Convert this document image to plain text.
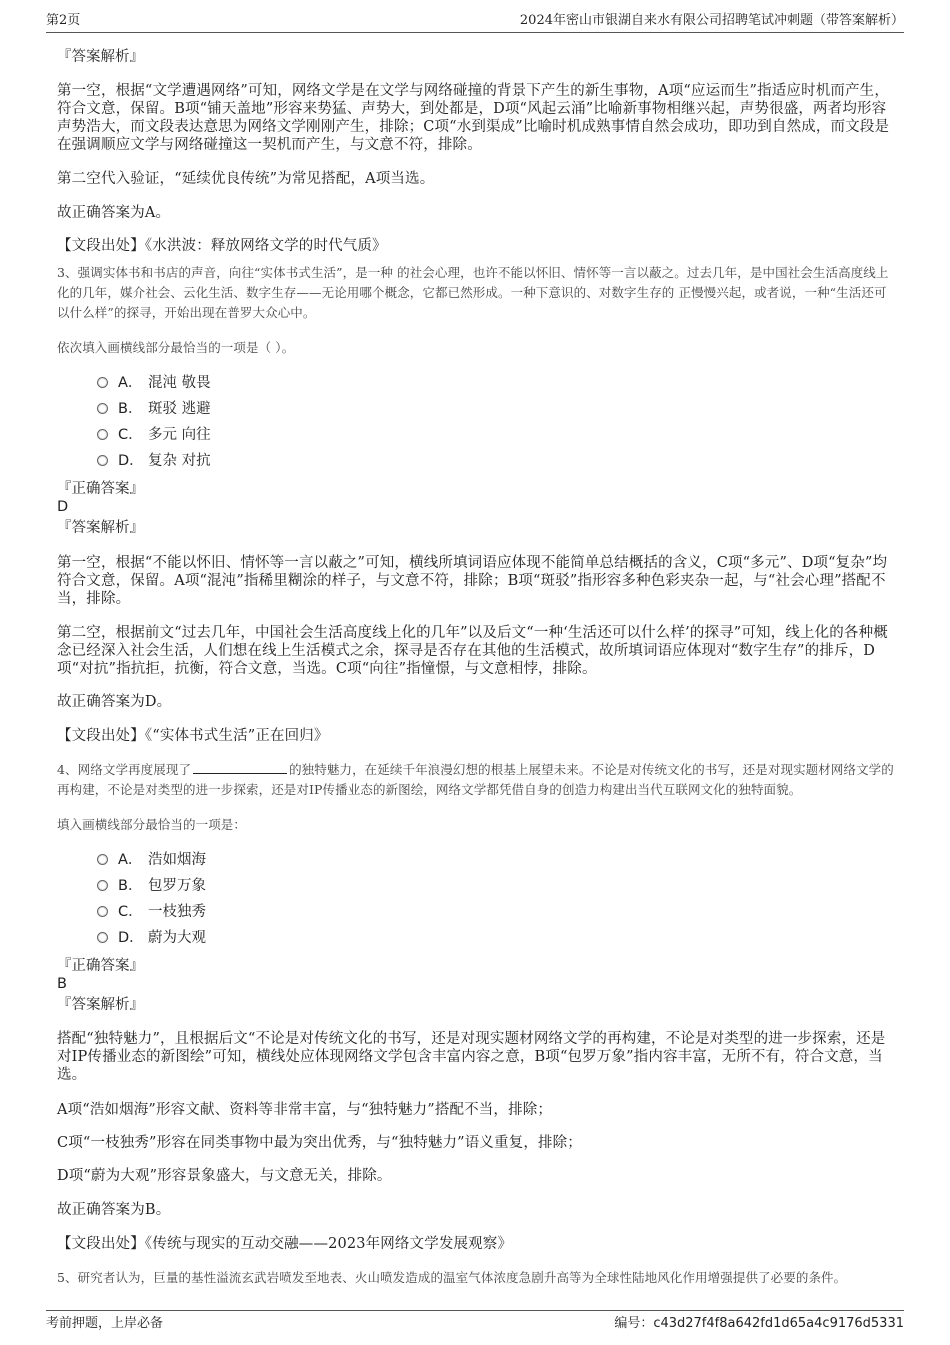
第2页	2024年密山市银湖自来水有限公司招聘笔试冲刺题（带答案解析）
『答案解析』
第一空，根据“文学遭遇网络”可知，网络文学是在文学与网络碰撞的背景下产生的新生事物，A项“应运而生”指适应时机而产生，符合文意，保留。B项“铺天盖地”形容来势猛、声势大，到处都是，D项“风起云涌”比喻新事物相继兴起，声势很盛，两者均形容声势浩大，而文段表达意思为网络文学刚刚产生，排除；C项“水到渠成”比喻时机成熟事情自然会成功，即功到自然成，而文段是在强调顺应文学与网络碰撞这一契机而产生，与文意不符，排除。
第二空代入验证，“延续优良传统”为常见搭配，A项当选。
故正确答案为A。
【文段出处】《水洪波：释放网络文学的时代气质》
3、强调实体书和书店的声音，向往“实体书式生活”，是一种 的社会心理，也许不能以怀旧、情怀等一言以蔽之。过去几年，是中国社会生活高度线上化的几年，媒介社会、云化生活、数字生存——无论用哪个概念，它都已然形成。一种下意识的、对数字生存的 正慢慢兴起，或者说，一种“生活还可以什么样”的探寻，开始出现在普罗大众心中。
依次填入画横线部分最恰当的一项是（ ）。
A． 混沌 敬畏
B． 斑驳 逃避
C． 多元 向往
D． 复杂 对抗
『正确答案』
D
『答案解析』
第一空，根据“不能以怀旧、情怀等一言以蔽之”可知，横线所填词语应体现不能简单总结概括的含义，C项“多元”、D项“复杂”均符合文意，保留。A项“混沌”指稀里糊涂的样子，与文意不符，排除；B项“斑驳”指形容多种色彩夹杂一起，与“社会心理”搭配不当，排除。
第二空，根据前文“过去几年，中国社会生活高度线上化的几年”以及后文“一种‘生活还可以什么样’的探寻”可知，线上化的各种概念已经深入社会生活，人们想在线上生活模式之余，探寻是否存在其他的生活模式，故所填词语应体现对“数字生存”的排斥，D项“对抗”指抗拒，抗衡，符合文意，当选。C项“向往”指憧憬，与文意相悖，排除。
故正确答案为D。
【文段出处】《“实体书式生活”正在回归》
4、网络文学再度展现了	的独特魅力，在延续千年浪漫幻想的根基上展望未来。不论是对传统文化的书写，还是对现实题材网络文学的再构建，不论是对类型的进一步探索，还是对IP传播业态的新图绘，网络文学都凭借自身的创造力构建出当代互联网文化的独特面貌。
填入画横线部分最恰当的一项是：
A． 浩如烟海
B． 包罗万象
C． 一枝独秀
D． 蔚为大观
『正确答案』
B
『答案解析』
搭配“独特魅力”，且根据后文“不论是对传统文化的书写，还是对现实题材网络文学的再构建，不论是对类型的进一步探索，还是对IP传播业态的新图绘”可知，横线处应体现网络文学包含丰富内容之意，B项“包罗万象”指内容丰富，无所不有，符合文意，当选。
A项“浩如烟海”形容文献、资料等非常丰富，与“独特魅力”搭配不当，排除；
C项“一枝独秀”形容在同类事物中最为突出优秀，与“独特魅力”语义重复，排除；
D项“蔚为大观”形容景象盛大，与文意无关，排除。
故正确答案为B。
【文段出处】《传统与现实的互动交融——2023年网络文学发展观察》
5、研究者认为，巨量的基性溢流玄武岩喷发至地表、火山喷发造成的温室气体浓度急剧升高等为全球性陆地风化作用增强提供了必要的条件。
考前押题，上岸必备	编号：c43d27f4f8a642fd1d65a4c9176d5331
